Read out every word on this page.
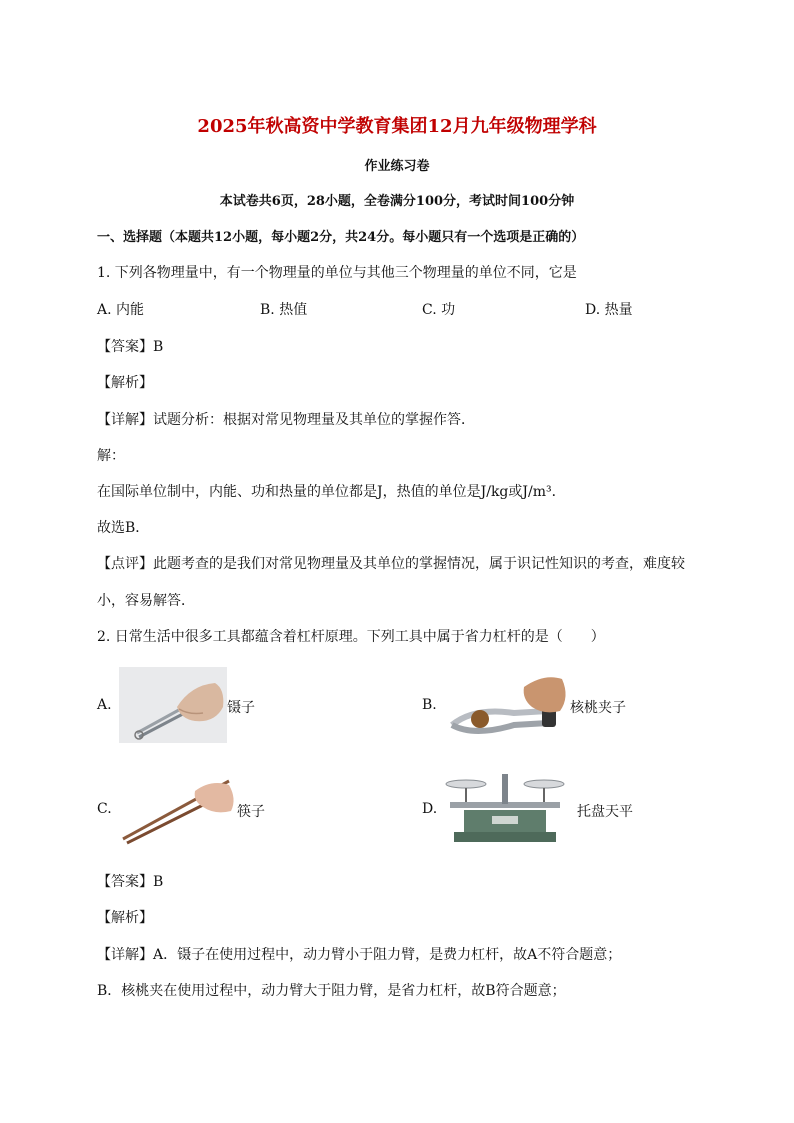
2025年秋高资中学教育集团12月九年级物理学科
作业练习卷
本试卷共6页，28小题，全卷满分100分，考试时间100分钟
一、选择题（本题共12小题，每小题2分，共24分。每小题只有一个选项是正确的）
1. 下列各物理量中，有一个物理量的单位与其他三个物理量的单位不同，它是
A. 内能	B. 热值	C. 功	D. 热量
【答案】B
【解析】
【详解】试题分析：根据对常见物理量及其单位的掌握作答．
解：
在国际单位制中，内能、功和热量的单位都是J，热值的单位是J/kg或J/m³．
故选B．
【点评】此题考查的是我们对常见物理量及其单位的掌握情况，属于识记性知识的考查，难度较
小，容易解答．
2. 日常生活中很多工具都蕴含着杠杆原理。下列工具中属于省力杠杆的是（　　）
A.	镊子	B.	核桃夹子
C.	筷子	D.	托盘天平
【答案】B
【解析】
【详解】A．镊子在使用过程中，动力臂小于阻力臂，是费力杠杆，故A不符合题意；
B．核桃夹在使用过程中，动力臂大于阻力臂，是省力杠杆，故B符合题意；
